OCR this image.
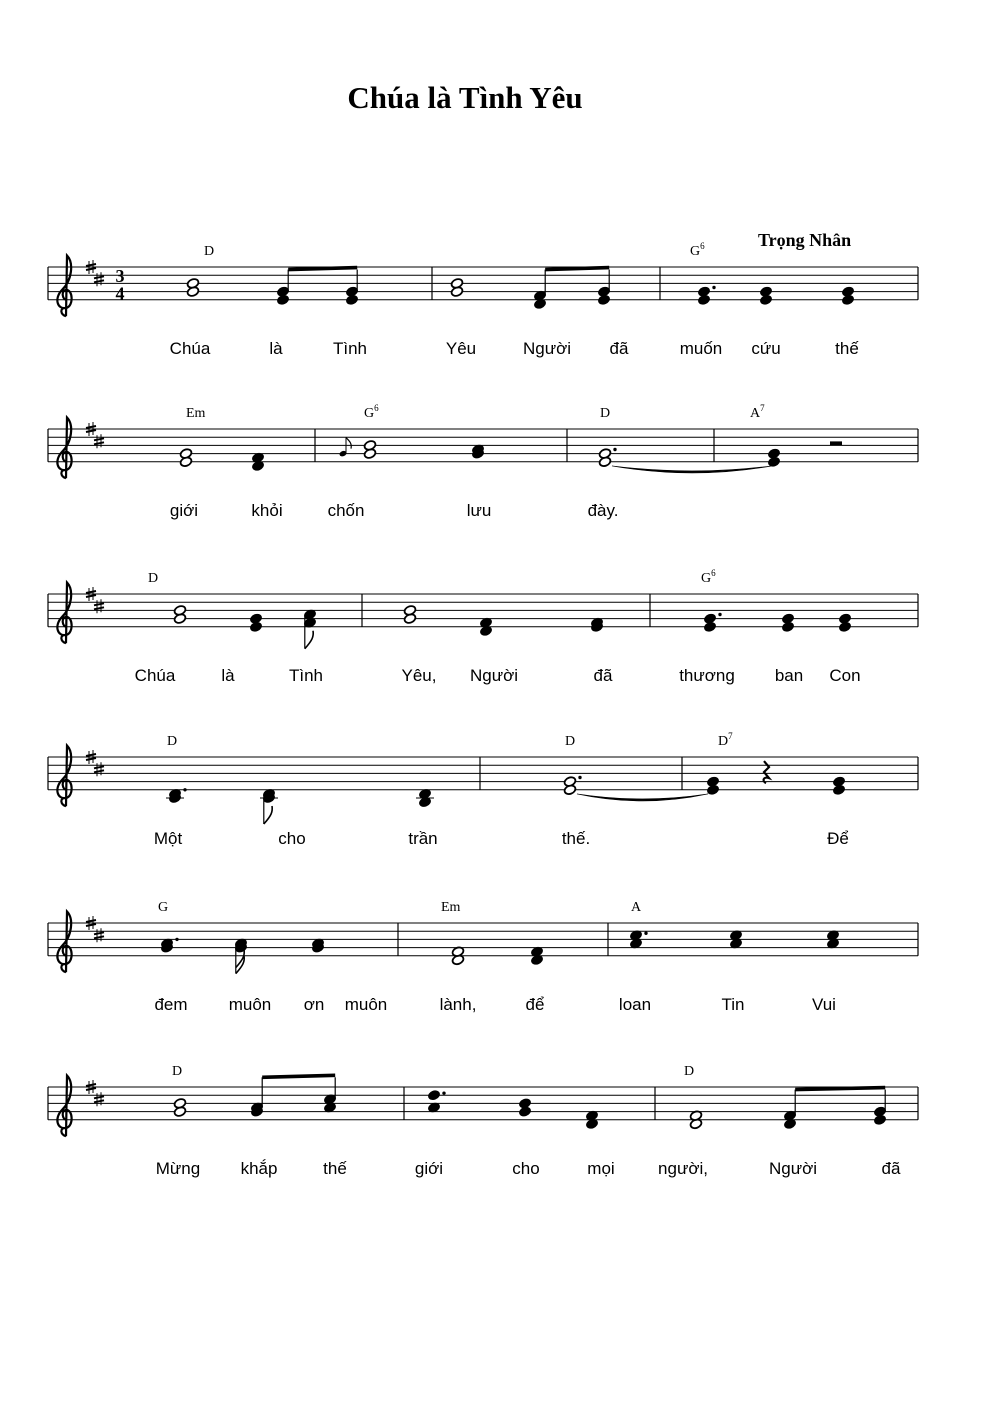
Chúa là Tình Yêu
Trọng Nhân
3
4
D	$G^6$
Chúa	là	Tình	Yêu	Người đã	muốn cứu	thế
Em	$G^6$	D	$A^7$
giới	khỏi	chốn	lưu	đày.
D	$G^6$
Chúa	là	Tình	Yêu, Người	đã	thương ban Con
D	D	$D^7$
Một	cho	trần	thế.	Để
G	Em	A
đem muôn ơn muôn	lành,	để	loan	Tin	Vui
D	D
Mừng khắp	thế	giới	cho	mọi	người,	Người	đã
